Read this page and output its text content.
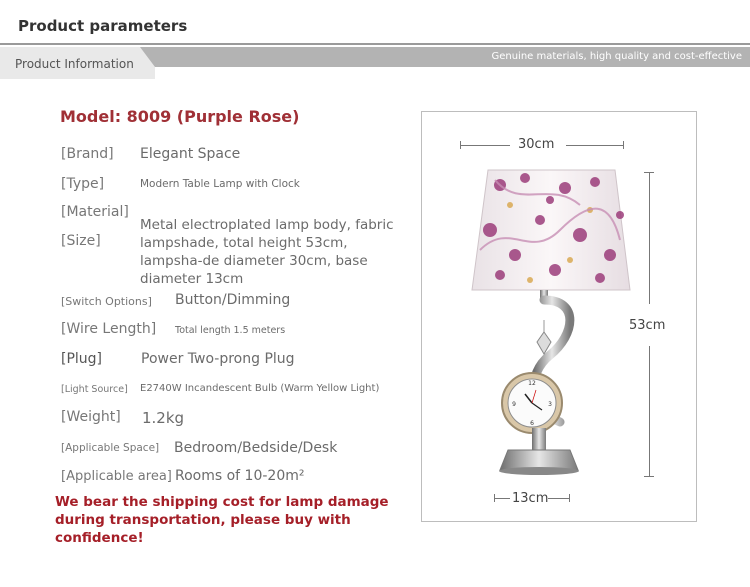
Product parameters
Product Information
Genuine materials, high quality and cost-effective
Model: 8009 (Purple Rose)
[Brand] Elegant Space
[Type]	Modern Table Lamp with Clock
[Material]
[Size]
Metal electroplated lamp body, fabric lampshade, total height 53cm, lampsha-de diameter 30cm, base diameter 13cm
[Switch Options] Button/Dimming
[Wire Length] Total length 1.5 meters
[Plug]	Power Two-prong Plug
[Light Source] E2740W Incandescent Bulb (Warm Yellow Light)
[Weight] 1.2kg
[Applicable Space] Bedroom/Bedside/Desk
[Applicable area] Rooms of 10-20m²
We bear the shipping cost for lamp damage during transportation, please buy with confidence!
30cm
53cm
13cm
12
3
6
9
